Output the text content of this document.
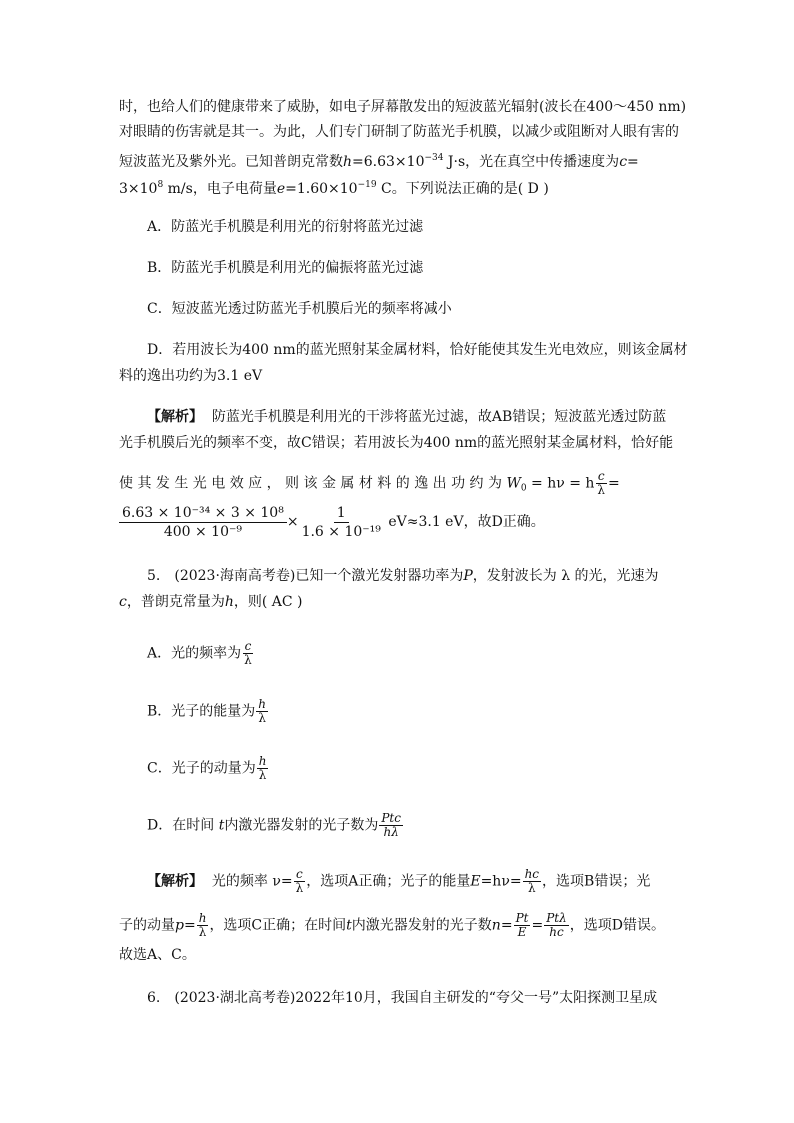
时，也给人们的健康带来了威胁，如电子屏幕散发出的短波蓝光辐射(波长在400～450 nm)
对眼睛的伤害就是其一。为此，人们专门研制了防蓝光手机膜，以减少或阻断对人眼有害的
短波蓝光及紫外光。已知普朗克常数$h=6.63\times 10^{-34}$ J·s，光在真空中传播速度为c=
$3\times 10^8$ m/s，电子电荷量$e=1.60\times 10^{-19}$ C。下列说法正确的是( D )
A．防蓝光手机膜是利用光的衍射将蓝光过滤
B．防蓝光手机膜是利用光的偏振将蓝光过滤
C．短波蓝光透过防蓝光手机膜后光的频率将减小
D．若用波长为400 nm的蓝光照射某金属材料，恰好能使其发生光电效应，则该金属材
料的逸出功约为3.1 eV
【解析】 防蓝光手机膜是利用光的干涉将蓝光过滤，故AB错误；短波蓝光透过防蓝
光手机膜后光的频率不变，故C错误；若用波长为400 nm的蓝光照射某金属材料，恰好能
使 其 发 生 光 电 效 应 ， 则 该 金 属 材 料 的 逸 出 功 约 为 $W_0 = h\nu = h \frac{c}{\lambda}$ =
$\frac{\text{6.63 × 10⁻³⁴ × 3 × 10⁸}}{\text{400 × 10⁻⁹}} \times \frac{1}{\text{1.6 × 10⁻¹⁹}} eV\approx 3.1$ eV，故D正确。
5.　(2023·海南高考卷)已知一个激光发射器功率为P，发射波长为 λ 的光，光速为
c，普朗克常量为h，则( AC )
A．光的频率为 $\frac{c}{\lambda}$
B．光子的能量为 $\frac{h}{\lambda}$
C．光子的动量为 $\frac{h}{\lambda}$
D．在时间 t内激光器发射的光子数为 $\frac{\text{Ptc}}{h\lambda}$
【解析】 光的频率 $\nu= \frac{c}{\lambda}$ ，选项A正确；光子的能量$E=h\nu= \frac{hc}{\lambda}$ ，选项B错误；光
子的动量$p= \frac{h}{\lambda}$ ，选项C正确；在时间t内激光器发射的光子数$n= \frac{Pt}{E} = \frac{\text{Ptλ}}{hc}$ ，选项D错误。
故选A、C。
6.　(2023·湖北高考卷)2022年10月，我国自主研发的“夸父一号”太阳探测卫星成
